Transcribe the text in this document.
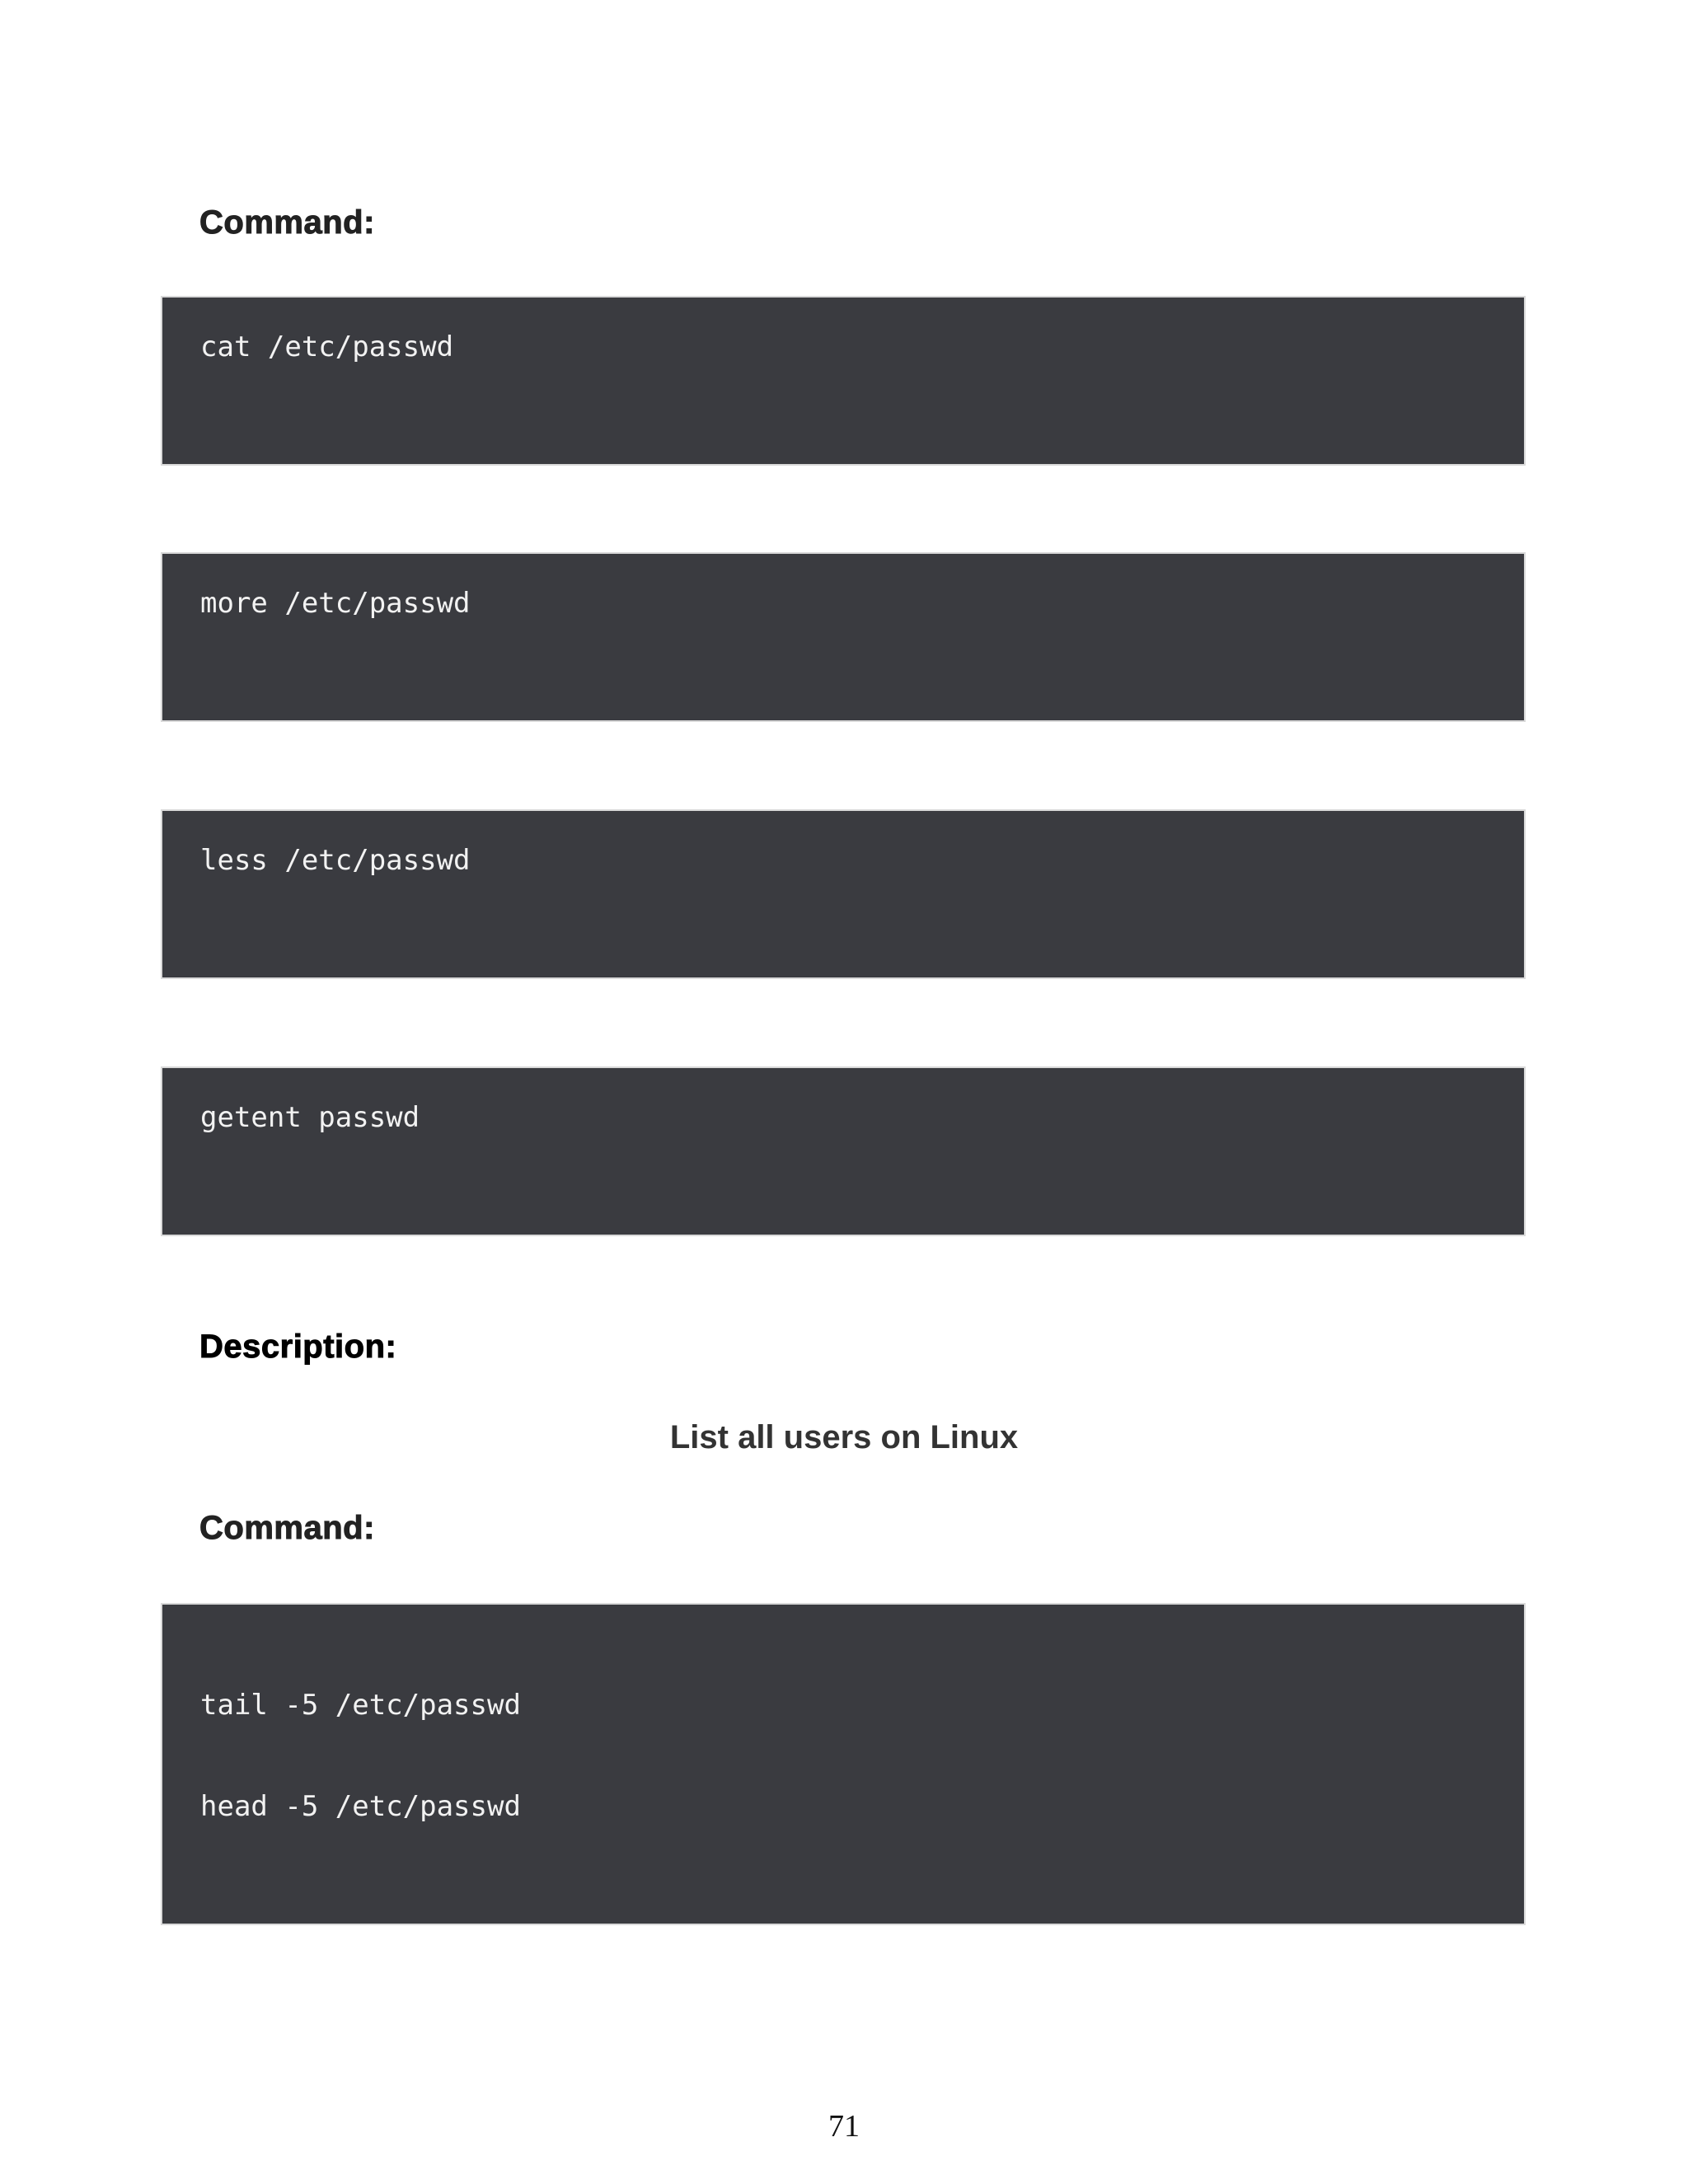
Command:
cat /etc/passwd
more /etc/passwd
less /etc/passwd
getent passwd
Description:

List all users on Linux

Command:
tail -5 /etc/passwd
head -5 /etc/passwd

71
